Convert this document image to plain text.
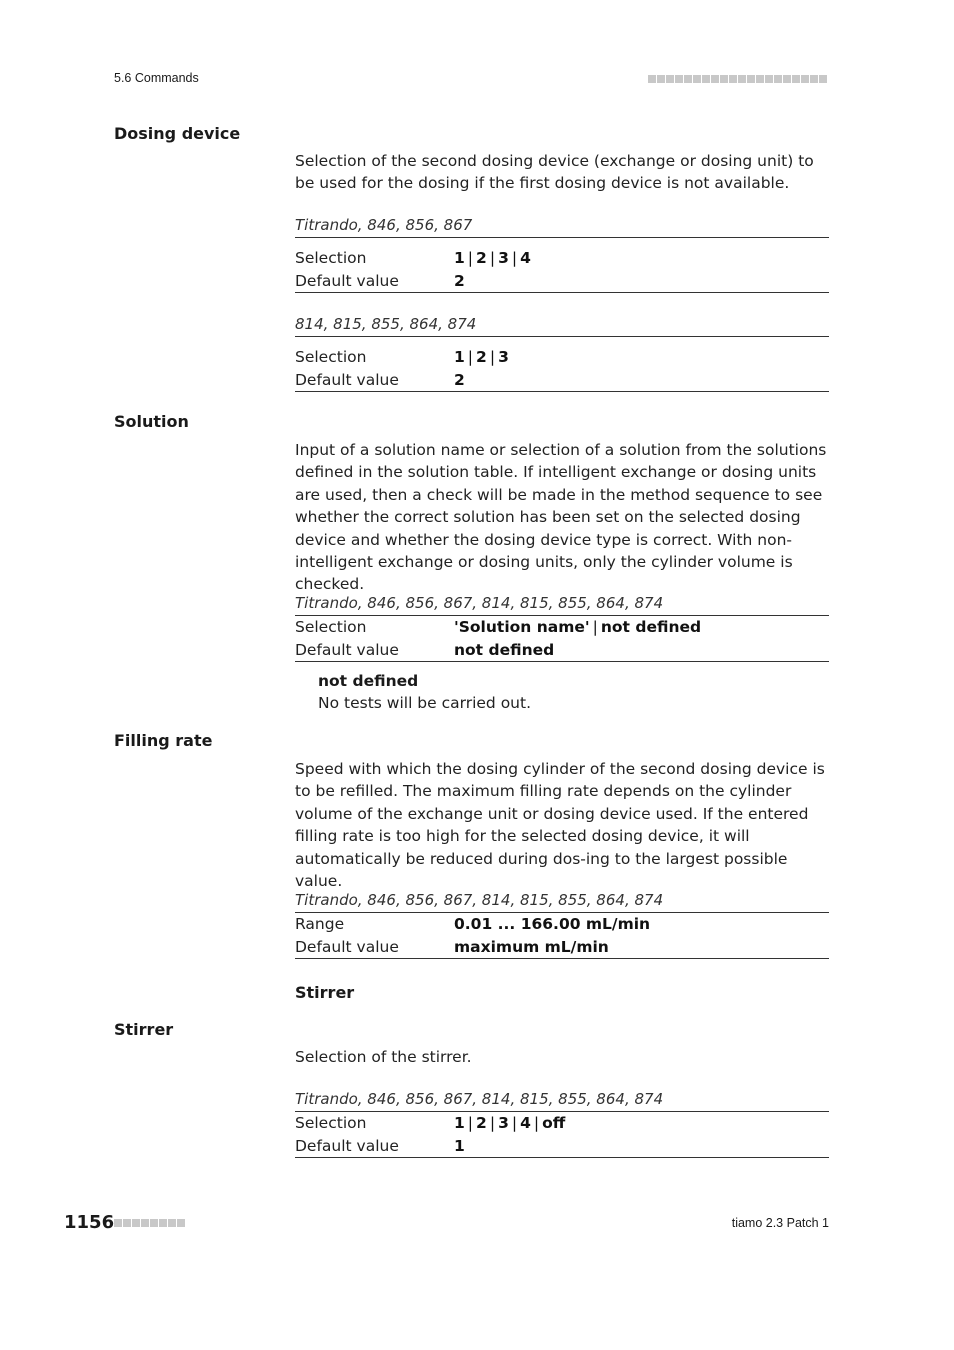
5.6 Commands
Dosing device
Selection of the second dosing device (exchange or dosing unit) to be used for the dosing if the first dosing device is not available.
Titrando, 846, 856, 867
Selection	1 | 2 | 3 | 4
Default value	2
814, 815, 855, 864, 874
Selection	1 | 2 | 3
Default value	2
Solution
Input of a solution name or selection of a solution from the solutions defined in the solution table. If intelligent exchange or dosing units are used, then a check will be made in the method sequence to see whether the correct solution has been set on the selected dosing device and whether the dosing device type is correct. With non-intelligent exchange or dosing units, only the cylinder volume is checked.
Titrando, 846, 856, 867, 814, 815, 855, 864, 874
Selection	'Solution name' | not defined
Default value	not defined
not defined
No tests will be carried out.
Filling rate
Speed with which the dosing cylinder of the second dosing device is to be refilled. The maximum filling rate depends on the cylinder volume of the exchange unit or dosing device used. If the entered filling rate is too high for the selected dosing device, it will automatically be reduced during dos-ing to the largest possible value.
Titrando, 846, 856, 867, 814, 815, 855, 864, 874
Range	0.01 ... 166.00 mL/min
Default value	maximum mL/min
Stirrer
Stirrer
Selection of the stirrer.
Titrando, 846, 856, 867, 814, 815, 855, 864, 874
Selection	1 | 2 | 3 | 4 | off
Default value	1
1156	tiamo 2.3 Patch 1
